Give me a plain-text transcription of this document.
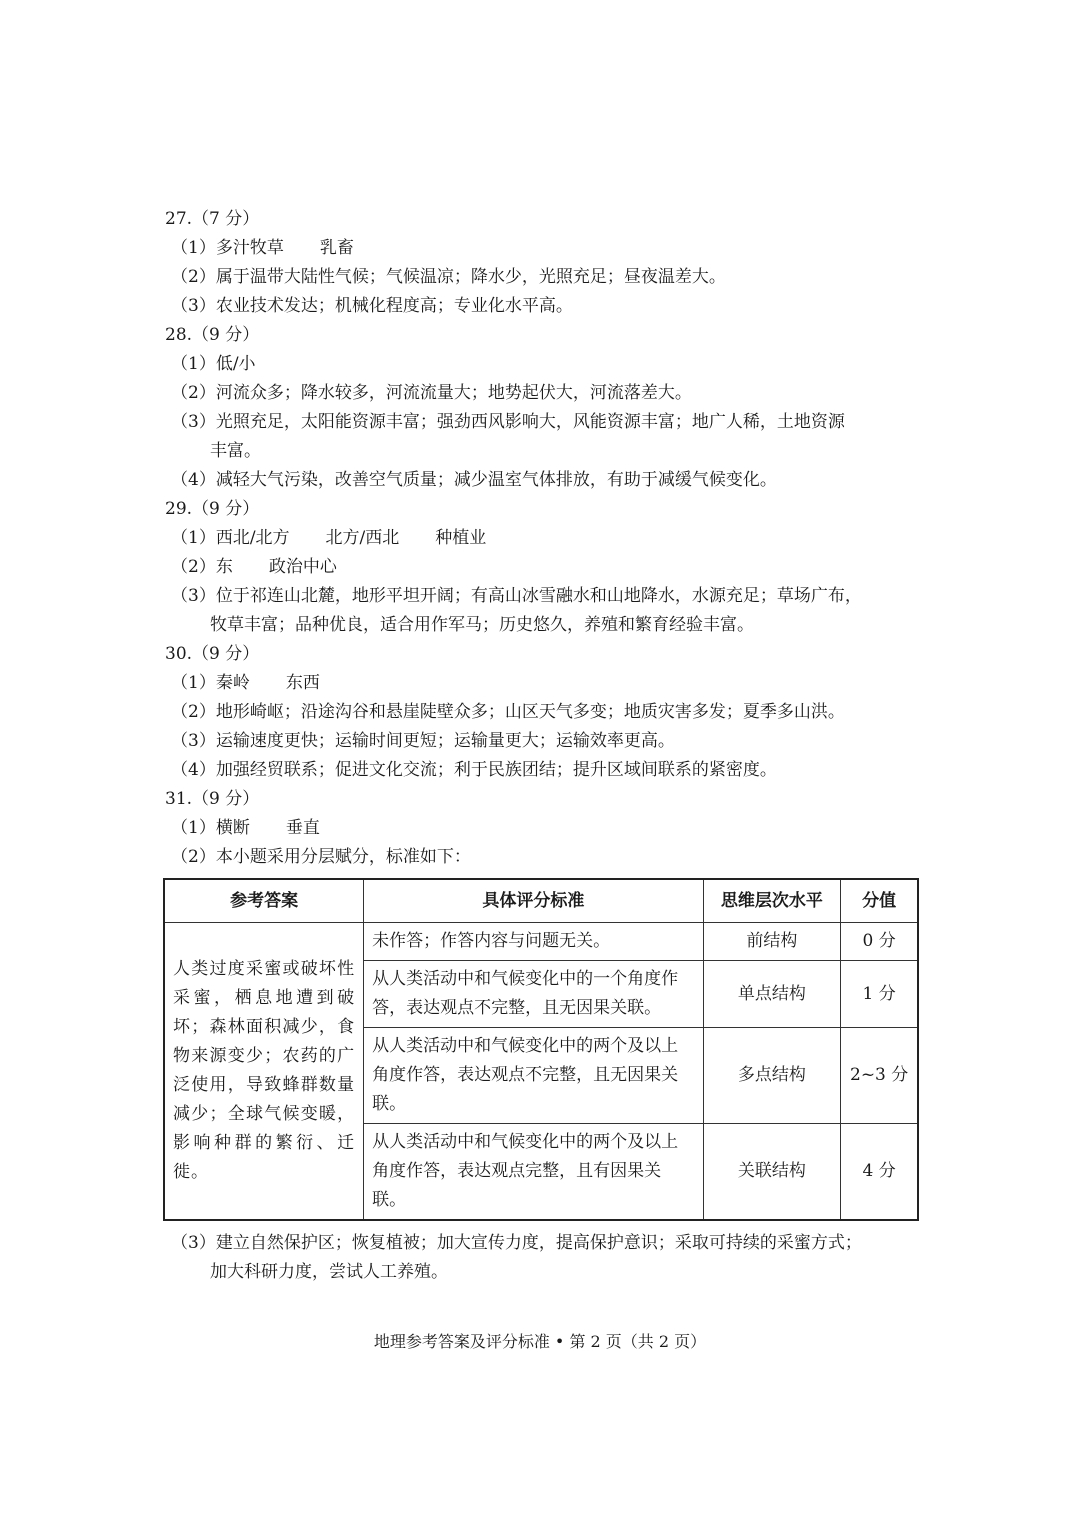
27.（7 分）
（1）多汁牧草 乳畜
（2）属于温带大陆性气候；气候温凉；降水少，光照充足；昼夜温差大。
（3）农业技术发达；机械化程度高；专业化水平高。
28.（9 分）
（1）低/小
（2）河流众多；降水较多，河流流量大；地势起伏大，河流落差大。
（3）光照充足，太阳能资源丰富；强劲西风影响大，风能资源丰富；地广人稀，土地资源
丰富。
（4）减轻大气污染，改善空气质量；减少温室气体排放，有助于减缓气候变化。
29.（9 分）
（1）西北/北方 北方/西北 种植业
（2）东 政治中心
（3）位于祁连山北麓，地形平坦开阔；有高山冰雪融水和山地降水，水源充足；草场广布，
牧草丰富；品种优良，适合用作军马；历史悠久，养殖和繁育经验丰富。
30.（9 分）
（1）秦岭 东西
（2）地形崎岖；沿途沟谷和悬崖陡壁众多；山区天气多变；地质灾害多发；夏季多山洪。
（3）运输速度更快；运输时间更短；运输量更大；运输效率更高。
（4）加强经贸联系；促进文化交流；利于民族团结；提升区域间联系的紧密度。
31.（9 分）
（1）横断 垂直
（2）本小题采用分层赋分，标准如下：
参考答案	具体评分标准	思维层次水平	分值
人类过度采蜜或破坏性采蜜，栖息地遭到破坏；森林面积减少，食物来源变少；农药的广泛使用，导致蜂群数量减少；全球气候变暖，影响种群的繁衍、迁徙。	未作答；作答内容与问题无关。	前结构	0 分
	从人类活动中和气候变化中的一个角度作答，表达观点不完整，且无因果关联。	单点结构	1 分
	从人类活动中和气候变化中的两个及以上角度作答，表达观点不完整，且无因果关联。	多点结构	2~3 分
	从人类活动中和气候变化中的两个及以上角度作答，表达观点完整，且有因果关联。	关联结构	4 分
（3）建立自然保护区；恢复植被；加大宣传力度，提高保护意识；采取可持续的采蜜方式；
加大科研力度，尝试人工养殖。
地理参考答案及评分标准 • 第 2 页（共 2 页）
